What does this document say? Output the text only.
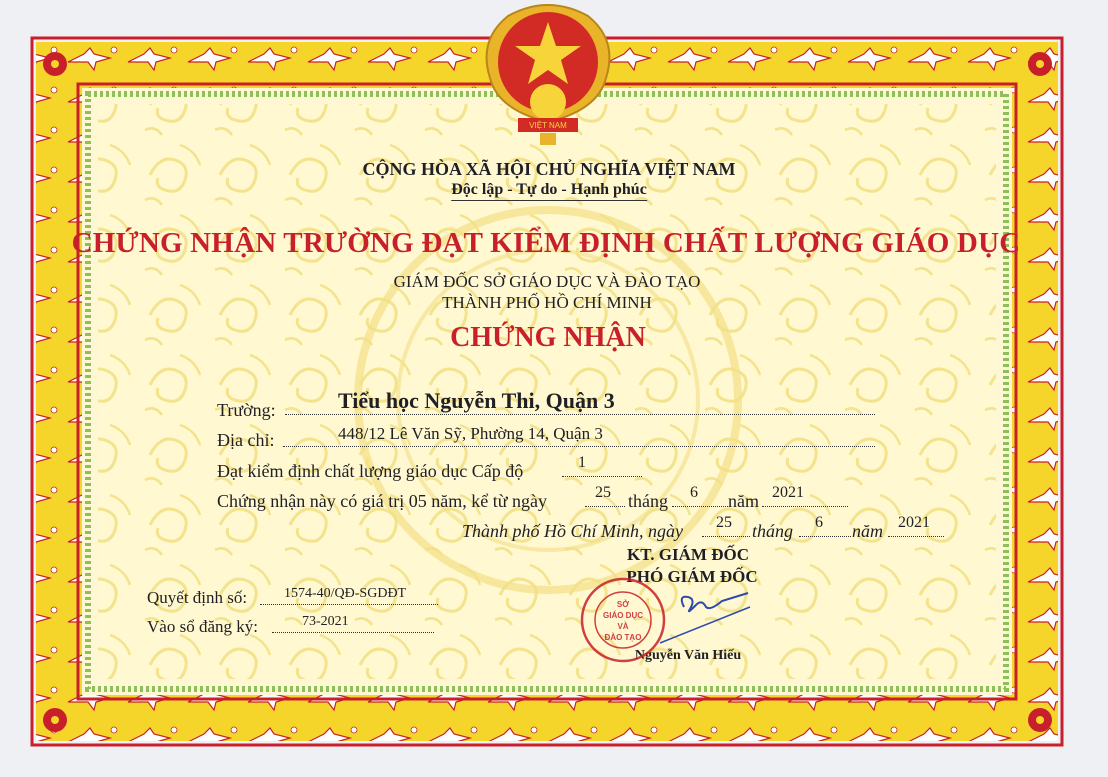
VIỆT NAM
CỘNG HÒA XÃ HỘI CHỦ NGHĨA VIỆT NAM
Độc lập - Tự do - Hạnh phúc
CHỨNG NHẬN TRƯỜNG ĐẠT KIỂM ĐỊNH CHẤT LƯỢNG GIÁO DỤC
GIÁM ĐỐC SỞ GIÁO DỤC VÀ ĐÀO TẠO
THÀNH PHỐ HỒ CHÍ MINH
CHỨNG NHẬN
Trường:	Tiểu học Nguyễn Thi, Quận 3
Địa chỉ:	448/12 Lê Văn Sỹ, Phường 14, Quận 3
Đạt kiểm định chất lượng giáo dục Cấp độ	1
Chứng nhận này có giá trị 05 năm, kể từ ngày	25 tháng 6 năm 2021
Thành phố Hồ Chí Minh, ngày 25 tháng 6 năm 2021
KT. GIÁM ĐỐC
PHÓ GIÁM ĐỐC
Nguyễn Văn Hiếu
Quyết định số:	1574-40/QĐ-SGDĐT
Vào sổ đăng ký:	73-2021
SỞ
GIÁO DỤC
VÀ
ĐÀO TẠO
